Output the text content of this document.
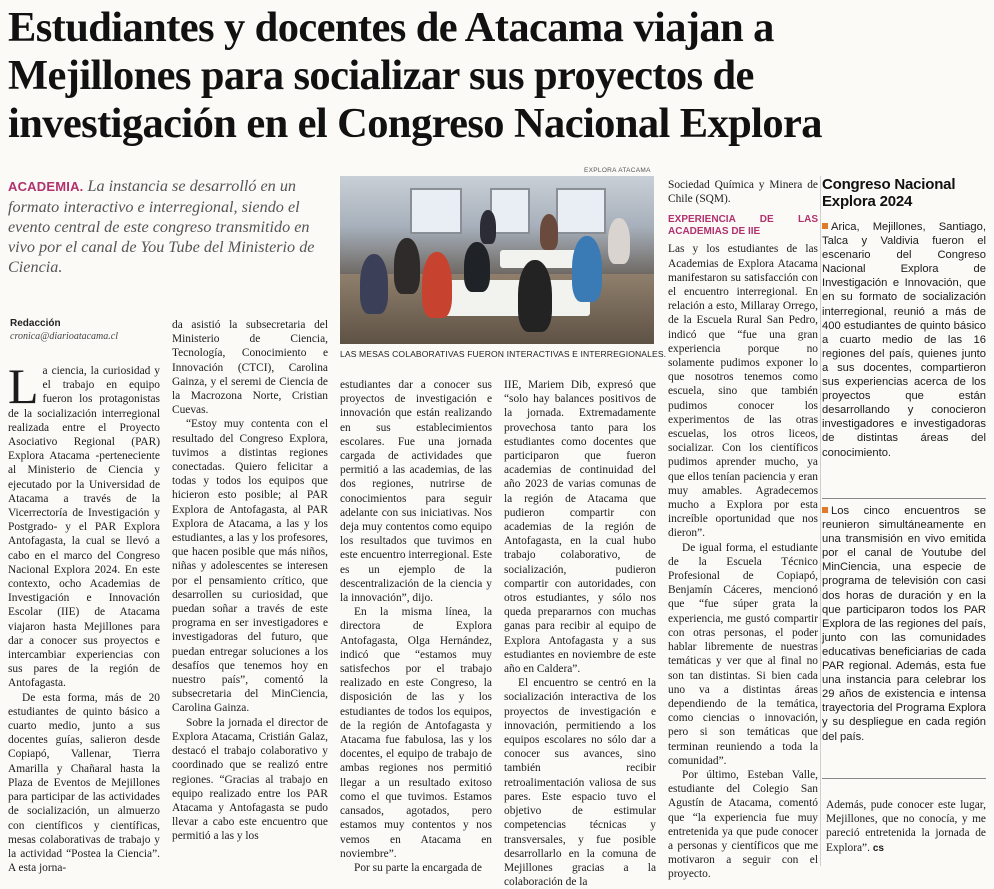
Estudiantes y docentes de Atacama viajan a
Mejillones para socializar sus proyectos de
investigación en el Congreso Nacional Explora
ACADEMIA. La instancia se desarrolló en un formato interactivo e interregional, siendo el evento central de este congreso transmitido en vivo por el canal de You Tube del Ministerio de Ciencia.
Redacción
cronica@diarioatacama.cl
EXPLORA ATACAMA
LAS MESAS COLABORATIVAS FUERON INTERACTIVAS E INTERREGIONALES.

La ciencia, la curiosidad y el trabajo en equipo fueron los protagonistas de la socialización interregional realizada entre el Proyecto Asociativo Regional (PAR) Explora Atacama -perteneciente al Ministerio de Ciencia y ejecutado por la Universidad de Atacama a través de la Vicerrectoría de Investigación y Postgrado- y el PAR Explora Antofagasta, la cual se llevó a cabo en el marco del Congreso Nacional Explora 2024. En este contexto, ocho Academias de Investigación e Innovación Escolar (IIE) de Atacama viajaron hasta Mejillones para dar a conocer sus proyectos e intercambiar experiencias con sus pares de la región de Antofagasta.

De esta forma, más de 20 estudiantes de quinto básico a cuarto medio, junto a sus docentes guías, salieron desde Copiapó, Vallenar, Tierra Amarilla y Chañaral hasta la Plaza de Eventos de Mejillones para participar de las actividades de socialización, un almuerzo con científicos y científicas, mesas colaborativas de trabajo y la actividad “Postea la Ciencia”. A esta jorna-

da asistió la subsecretaria del Ministerio de Ciencia, Tecnología, Conocimiento e Innovación (CTCI), Carolina Gainza, y el seremi de Ciencia de la Macrozona Norte, Cristian Cuevas.

“Estoy muy contenta con el resultado del Congreso Explora, tuvimos a distintas regiones conectadas. Quiero felicitar a todas y todos los equipos que hicieron esto posible; al PAR Explora de Antofagasta, al PAR Explora de Atacama, a las y los estudiantes, a las y los profesores, que hacen posible que más niños, niñas y adolescentes se interesen por el pensamiento crítico, que desarrollen su curiosidad, que puedan soñar a través de este programa en ser investigadores e investigadoras del futuro, que puedan entregar soluciones a los desafíos que tenemos hoy en nuestro país”, comentó la subsecretaria del MinCiencia, Carolina Gainza.

Sobre la jornada el director de Explora Atacama, Cristián Galaz, destacó el trabajo colaborativo y coordinado que se realizó entre regiones. “Gracias al trabajo en equipo realizado entre los PAR Atacama y Antofagasta se pudo llevar a cabo este encuentro que permitió a las y los

estudiantes dar a conocer sus proyectos de investigación e innovación que están realizando en sus establecimientos escolares. Fue una jornada cargada de actividades que permitió a las academias, de las dos regiones, nutrirse de conocimientos para seguir adelante con sus iniciativas. Nos deja muy contentos como equipo los resultados que tuvimos en este encuentro interregional. Este es un ejemplo de la descentralización de la ciencia y la innovación”, dijo.

En la misma línea, la directora de Explora Antofagasta, Olga Hernández, indicó que “estamos muy satisfechos por el trabajo realizado en este Congreso, la disposición de las y los estudiantes de todos los equipos, de la región de Antofagasta y Atacama fue fabulosa, las y los docentes, el equipo de trabajo de ambas regiones nos permitió llegar a un resultado exitoso como el que tuvimos. Estamos cansados, agotados, pero estamos muy contentos y nos vemos en Atacama en noviembre”.

Por su parte la encargada de

IIE, Mariem Dib, expresó que “solo hay balances positivos de la jornada. Extremadamente provechosa tanto para los estudiantes como docentes que participaron que fueron academias de continuidad del año 2023 de varias comunas de la región de Atacama que pudieron compartir con academias de la región de Antofagasta, en la cual hubo trabajo colaborativo, de socialización, pudieron compartir con autoridades, con otros estudiantes, y sólo nos queda prepararnos con muchas ganas para recibir al equipo de Explora Antofagasta y a sus estudiantes en noviembre de este año en Caldera”.

El encuentro se centró en la socialización interactiva de los proyectos de investigación e innovación, permitiendo a los equipos escolares no sólo dar a conocer sus avances, sino también recibir retroalimentación valiosa de sus pares. Este espacio tuvo el objetivo de estimular competencias técnicas y transversales, y fue posible desarrollarlo en la comuna de Mejillones gracias a la colaboración de la

Sociedad Química y Minera de Chile (SQM).

EXPERIENCIA DE LAS ACADEMIAS DE IIE

Las y los estudiantes de las Academias de Explora Atacama manifestaron su satisfacción con el encuentro interregional. En relación a esto, Millaray Orrego, de la Escuela Rural San Pedro, indicó que “fue una gran experiencia porque no solamente pudimos exponer lo que nosotros tenemos como escuela, sino que también pudimos conocer los experimentos de las otras escuelas, los otros liceos, socializar. Con los científicos pudimos aprender mucho, ya que ellos tenían paciencia y eran muy amables. Agradecemos mucho a Explora por esta increíble oportunidad que nos dieron”.

De igual forma, el estudiante de la Escuela Técnico Profesional de Copiapó, Benjamín Cáceres, mencionó que “fue súper grata la experiencia, me gustó compartir con otras personas, el poder hablar libremente de nuestras temáticas y ver que al final no son tan distintas. Si bien cada uno va a distintas áreas dependiendo de la temática, como ciencias o innovación, pero si son temáticas que terminan reuniendo a toda la comunidad”.

Por último, Esteban Valle, estudiante del Colegio San Agustín de Atacama, comentó que “la experiencia fue muy entretenida ya que pude conocer a personas y científicos que me motivaron a seguir con el proyecto.

Congreso Nacional Explora 2024
Arica, Mejillones, Santiago, Talca y Valdivia fueron el escenario del Congreso Nacional Explora de Investigación e Innovación, que en su formato de socialización interregional, reunió a más de 400 estudiantes de quinto básico a cuarto medio de las 16 regiones del país, quienes junto a sus docentes, compartieron sus experiencias acerca de los proyectos que están desarrollando y conocieron investigadores e investigadoras de distintas áreas del conocimiento.
Los cinco encuentros se reunieron simultáneamente en una transmisión en vivo emitida por el canal de Youtube del MinCiencia, una especie de programa de televisión con casi dos horas de duración y en la que participaron todos los PAR Explora de las regiones del país, junto con las comunidades educativas beneficiarias de cada PAR regional. Además, esta fue una instancia para celebrar los 29 años de existencia e intensa trayectoria del Programa Explora y su despliegue en cada región del país.

Además, pude conocer este lugar, Mejillones, que no conocía, y me pareció entretenida la jornada de Explora”. cs
